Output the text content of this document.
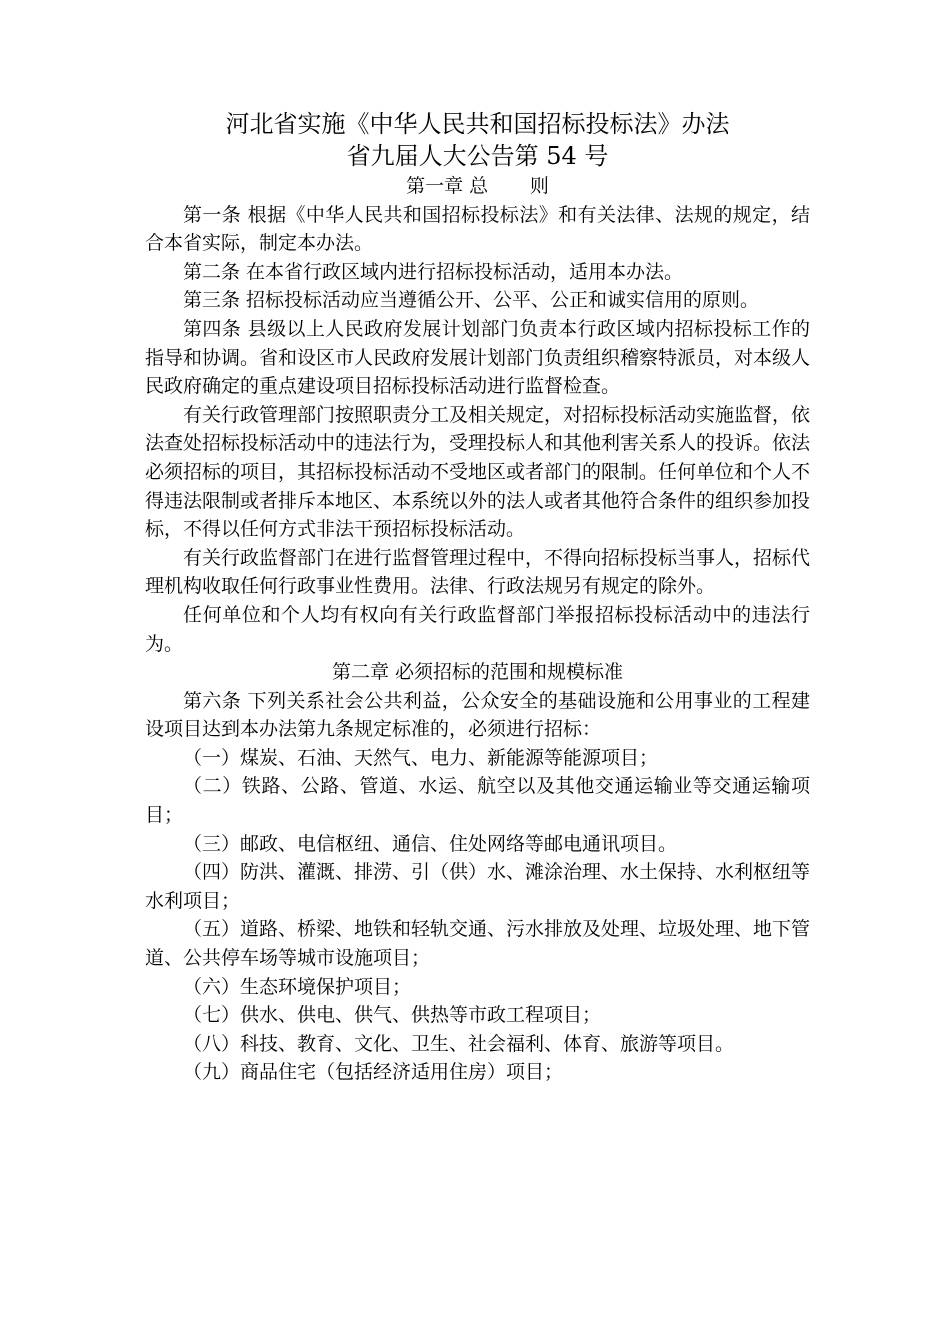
河北省实施《中华人民共和国招标投标法》办法
省九届人大公告第 54 号
第一章 总 则

第一条 根据《中华人民共和国招标投标法》和有关法律、法规的规定，结合本省实际，制定本办法。

第二条 在本省行政区域内进行招标投标活动，适用本办法。

第三条 招标投标活动应当遵循公开、公平、公正和诚实信用的原则。

第四条 县级以上人民政府发展计划部门负责本行政区域内招标投标工作的指导和协调。省和设区市人民政府发展计划部门负责组织稽察特派员，对本级人民政府确定的重点建设项目招标投标活动进行监督检查。

有关行政管理部门按照职责分工及相关规定，对招标投标活动实施监督，依法查处招标投标活动中的违法行为，受理投标人和其他利害关系人的投诉。依法必须招标的项目，其招标投标活动不受地区或者部门的限制。任何单位和个人不得违法限制或者排斥本地区、本系统以外的法人或者其他符合条件的组织参加投标，不得以任何方式非法干预招标投标活动。

有关行政监督部门在进行监督管理过程中，不得向招标投标当事人，招标代理机构收取任何行政事业性费用。法律、行政法规另有规定的除外。

任何单位和个人均有权向有关行政监督部门举报招标投标活动中的违法行为。

第二章 必须招标的范围和规模标准

第六条 下列关系社会公共利益，公众安全的基础设施和公用事业的工程建设项目达到本办法第九条规定标准的，必须进行招标：

（一）煤炭、石油、天然气、电力、新能源等能源项目；

（二）铁路、公路、管道、水运、航空以及其他交通运输业等交通运输项目；

（三）邮政、电信枢纽、通信、住处网络等邮电通讯项目。

（四）防洪、灌溉、排涝、引（供）水、滩涂治理、水土保持、水利枢纽等水利项目；

（五）道路、桥梁、地铁和轻轨交通、污水排放及处理、垃圾处理、地下管道、公共停车场等城市设施项目；

（六）生态环境保护项目；

（七）供水、供电、供气、供热等市政工程项目；

（八）科技、教育、文化、卫生、社会福利、体育、旅游等项目。

（九）商品住宅（包括经济适用住房）项目；
